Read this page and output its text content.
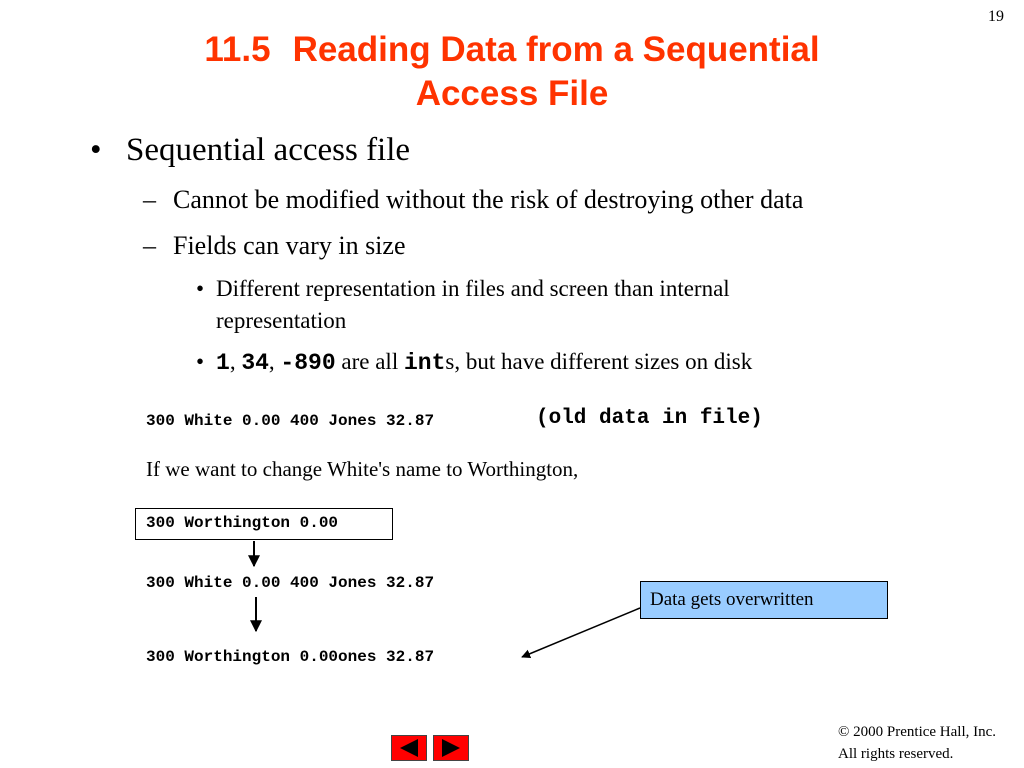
19
11.5 Reading Data from a Sequential
Access File
• Sequential access file
– Cannot be modified without the risk of destroying other data
– Fields can vary in size
• Different representation in files and screen than internal
representation
• 1, 34, -890 are all ints, but have different sizes on disk
300 White 0.00 400 Jones 32.87	(old data in file)
If we want to change White's name to Worthington,
300 Worthington 0.00
300 White 0.00 400 Jones 32.87
300 Worthington 0.00ones 32.87
Data gets overwritten
© 2000 Prentice Hall, Inc.
All rights reserved.
